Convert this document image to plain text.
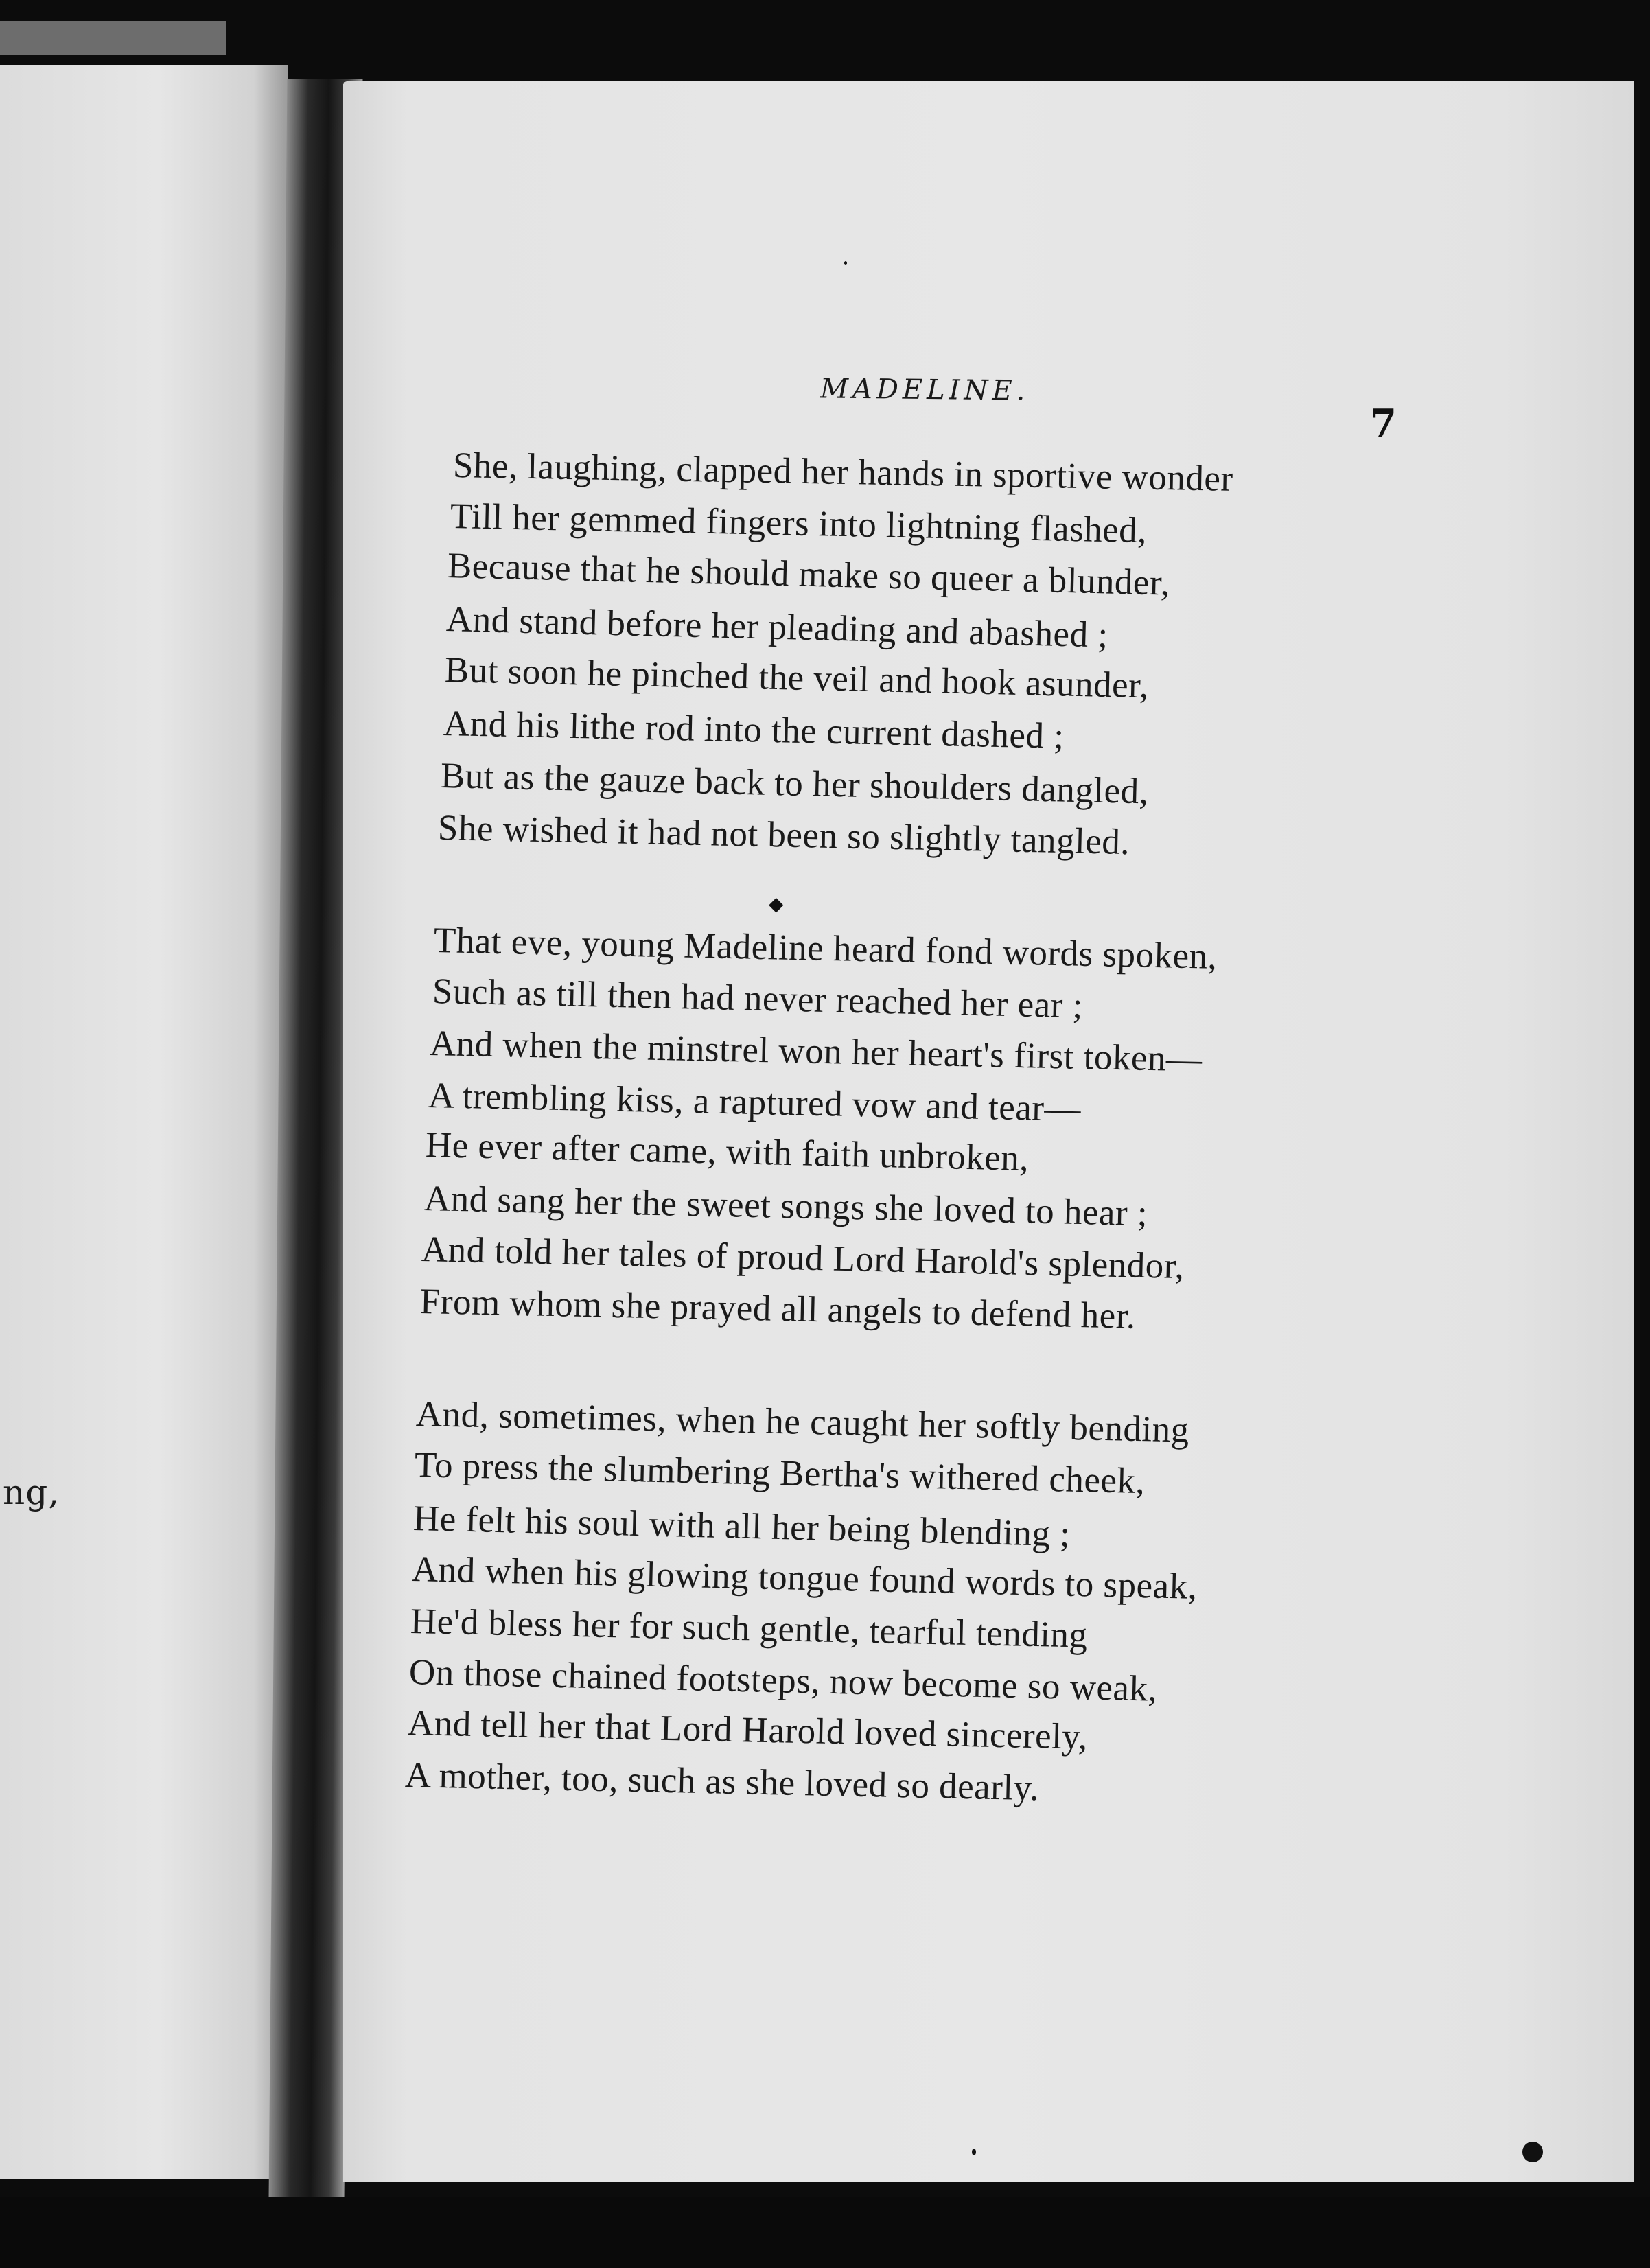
ng,
MADELINE.
7
She, laughing, clapped her hands in sportive wonder
Till her gemmed fingers into lightning flashed,
Because that he should make so queer a blunder,
And stand before her pleading and abashed ;
But soon he pinched the veil and hook asunder,
And his lithe rod into the current dashed ;
But as the gauze back to her shoulders dangled,
She wished it had not been so slightly tangled.
◆
That eve, young Madeline heard fond words spoken,
Such as till then had never reached her ear ;
And when the minstrel won her heart's first token—
A trembling kiss, a raptured vow and tear—
He ever after came, with faith unbroken,
And sang her the sweet songs she loved to hear ;
And told her tales of proud Lord Harold's splendor,
From whom she prayed all angels to defend her.
And, sometimes, when he caught her softly bending
To press the slumbering Bertha's withered cheek,
He felt his soul with all her being blending ;
And when his glowing tongue found words to speak,
He'd bless her for such gentle, tearful tending
On those chained footsteps, now become so weak,
And tell her that Lord Harold loved sincerely,
A mother, too, such as she loved so dearly.
